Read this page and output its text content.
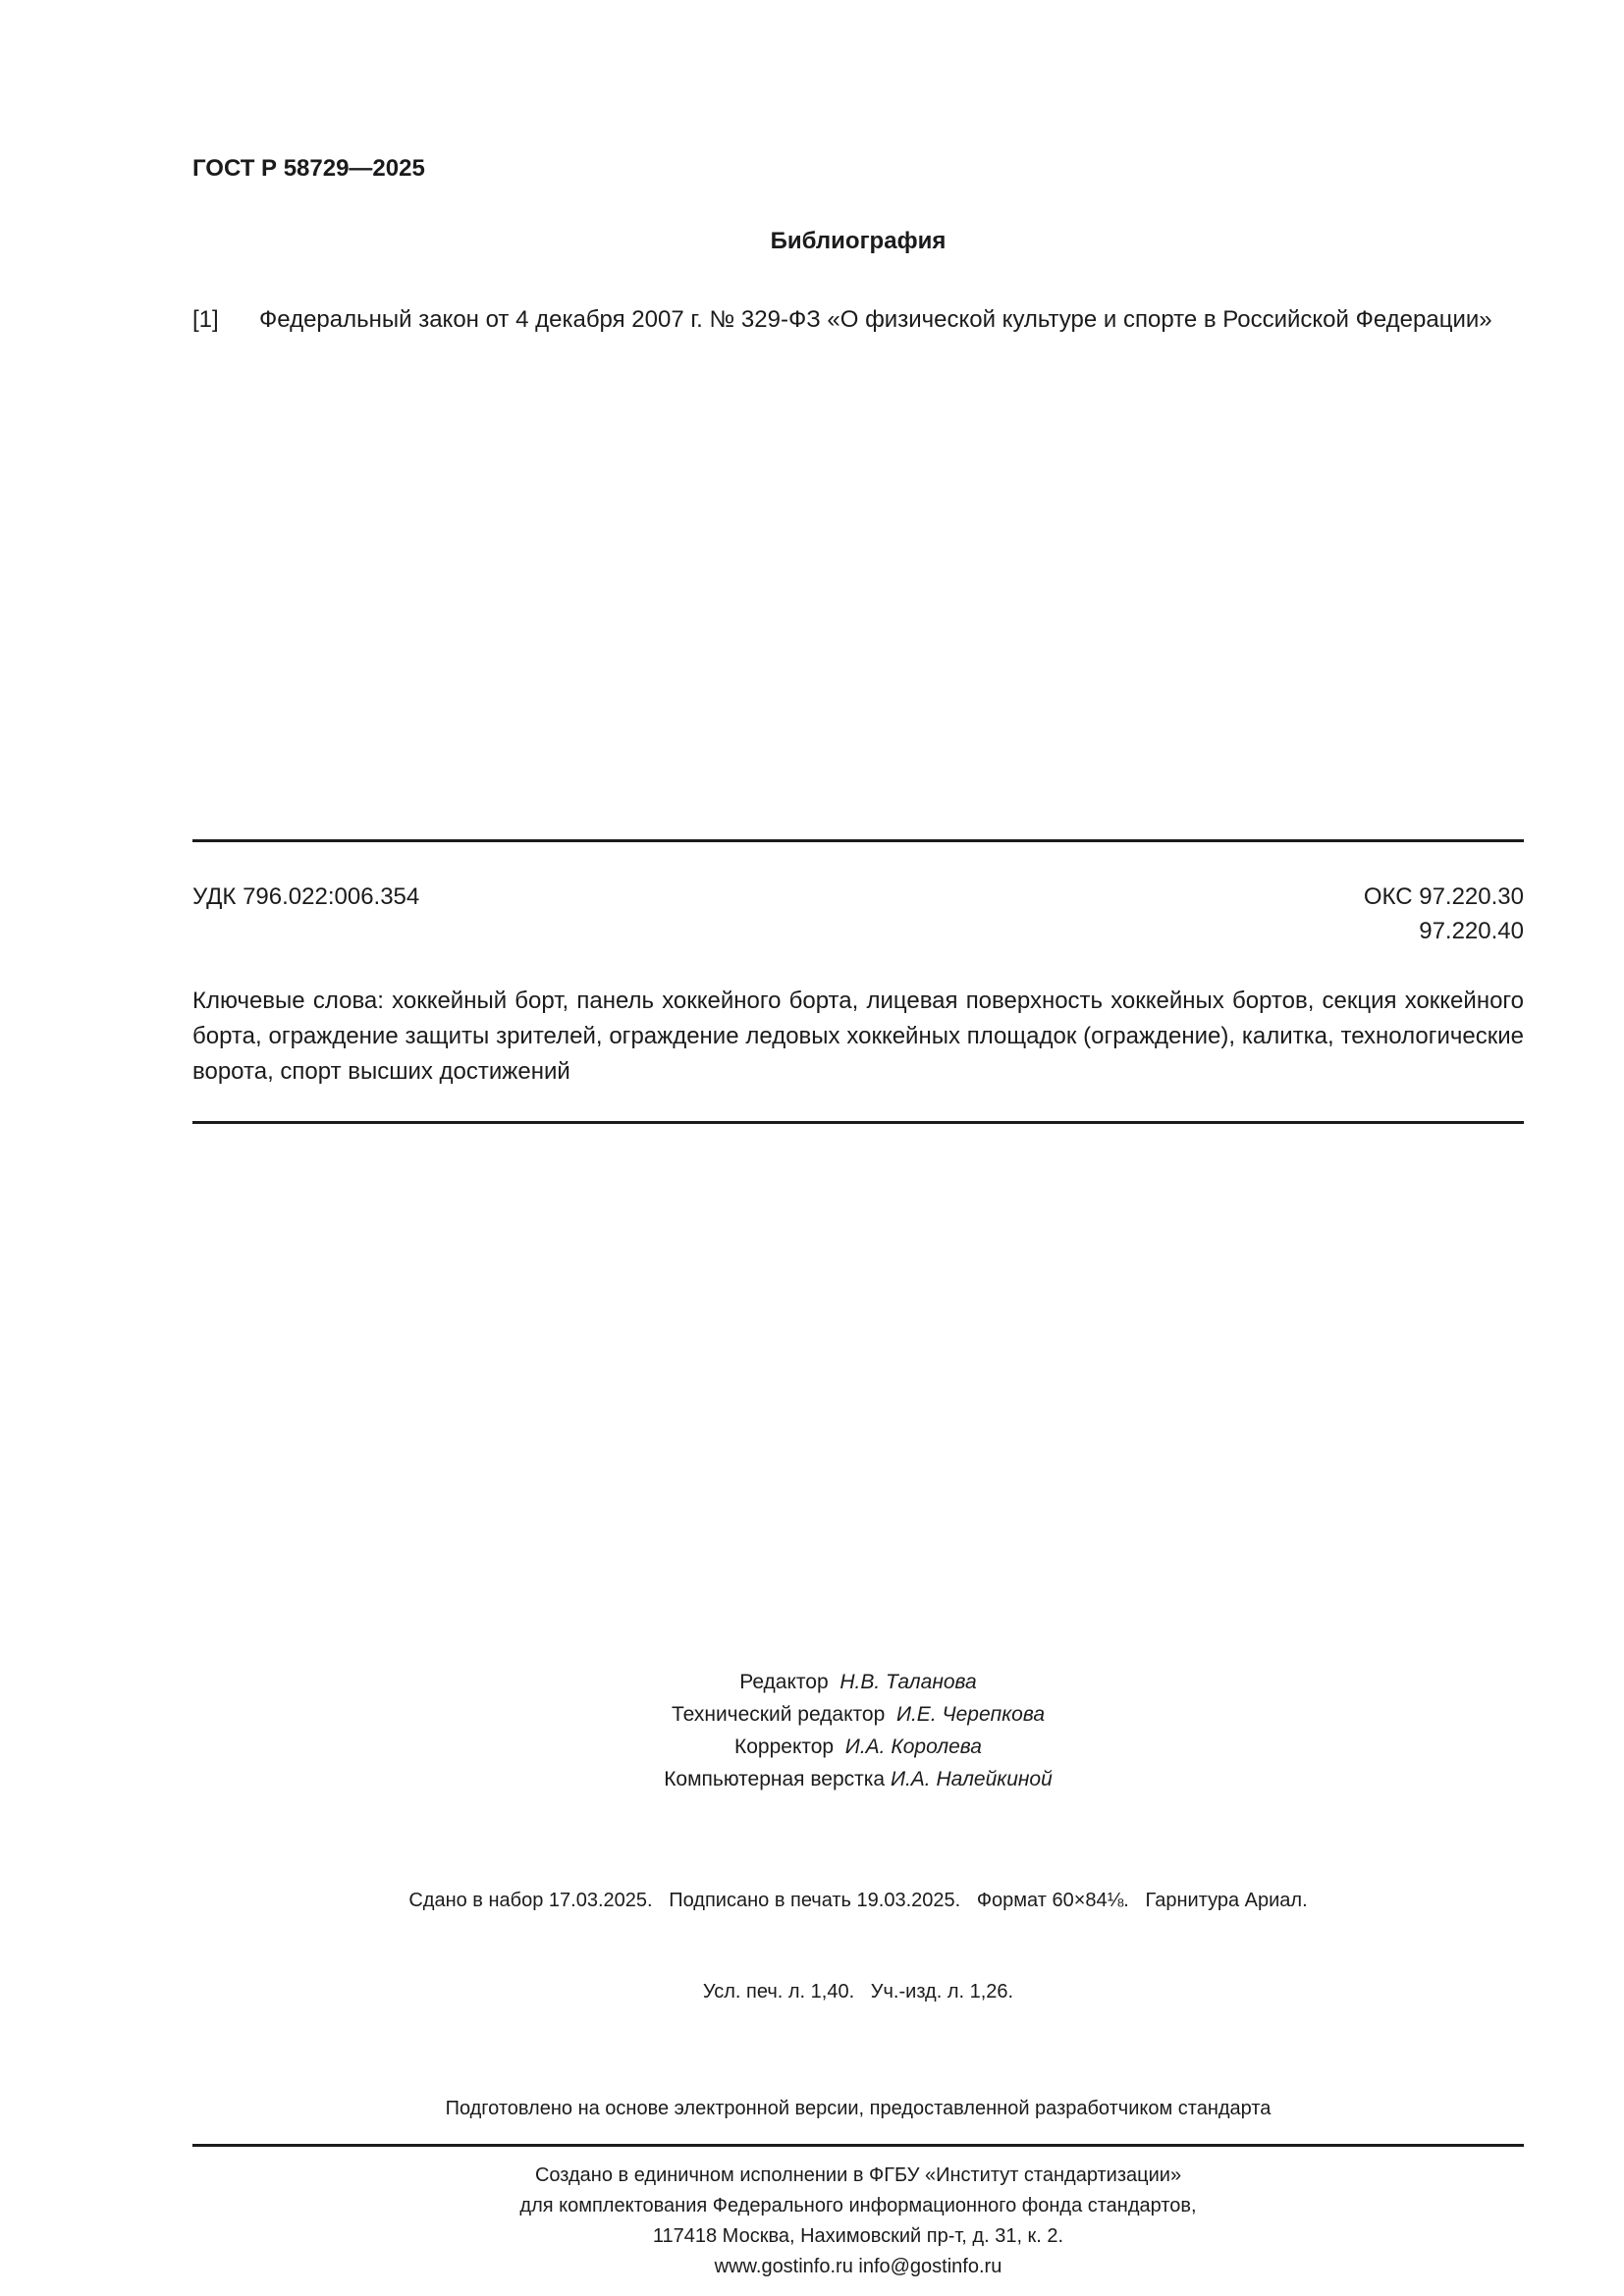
ГОСТ Р 58729—2025
Библиография
[1]	Федеральный закон от 4 декабря 2007 г. № 329-ФЗ «О физической культуре и спорте в Российской Федерации»
УДК 796.022:006.354	ОКС 97.220.30
97.220.40
Ключевые слова: хоккейный борт, панель хоккейного борта, лицевая поверхность хоккейных бортов, секция хоккейного борта, ограждение защиты зрителей, ограждение ледовых хоккейных площадок (ограждение), калитка, технологические ворота, спорт высших достижений
Редактор Н.В. Таланова
Технический редактор И.Е. Черепкова
Корректор И.А. Королева
Компьютерная верстка И.А. Налейкиной

Сдано в набор 17.03.2025.   Подписано в печать 19.03.2025.   Формат 60×84⅛.   Гарнитура Ариал.

Усл. печ. л. 1,40.   Уч.-изд. л. 1,26.

Подготовлено на основе электронной версии, предоставленной разработчиком стандарта
Создано в единичном исполнении в ФГБУ «Институт стандартизации»
для комплектования Федерального информационного фонда стандартов,
117418 Москва, Нахимовский пр-т, д. 31, к. 2.
www.gostinfo.ru info@gostinfo.ru
